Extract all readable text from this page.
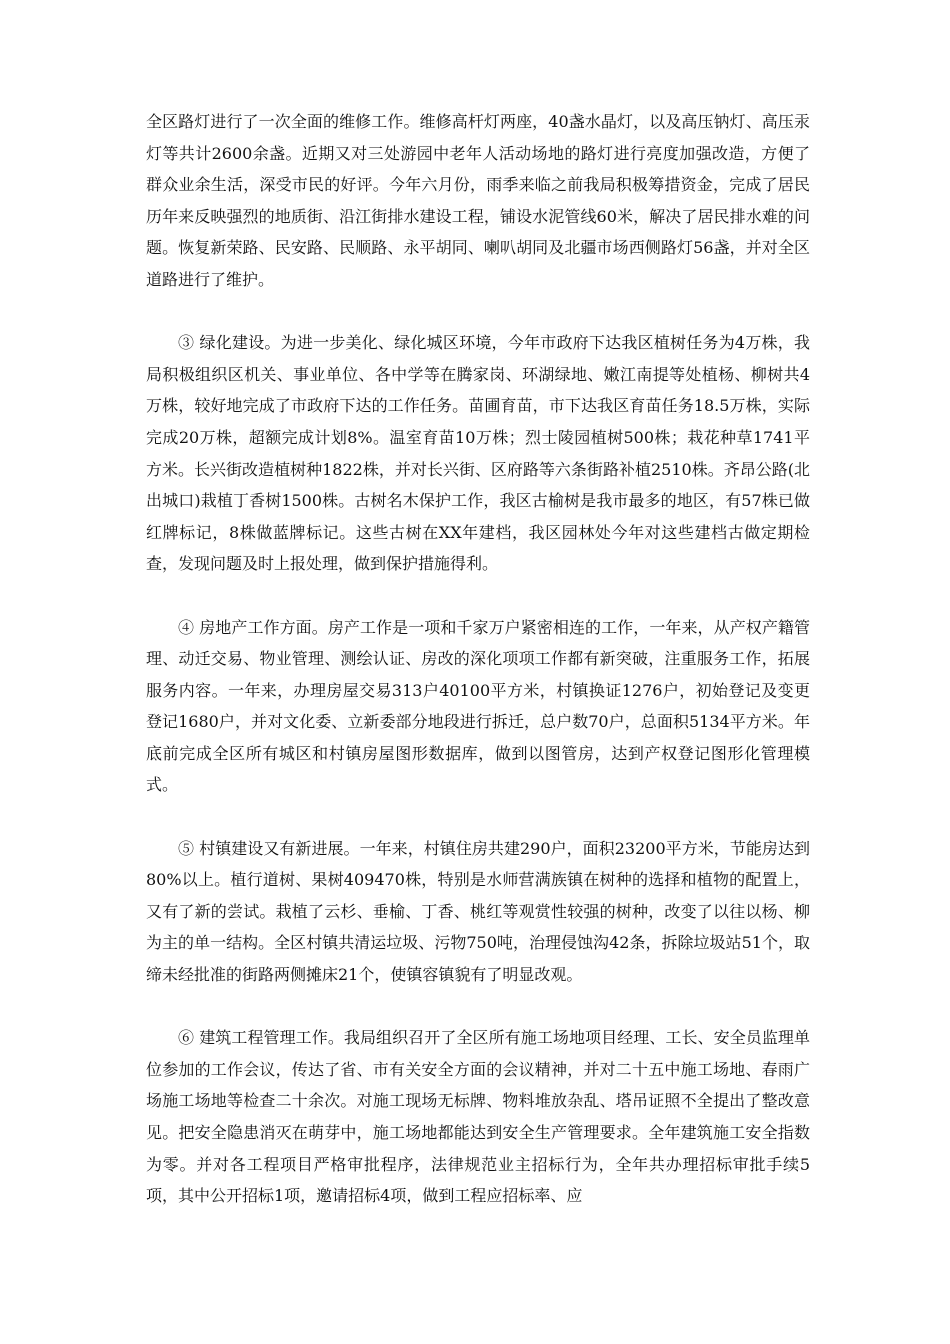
全区路灯进行了一次全面的维修工作。维修高杆灯两座，40盏水晶灯，以及高压钠灯、高压汞灯等共计2600余盏。近期又对三处游园中老年人活动场地的路灯进行亮度加强改造，方便了群众业余生活，深受市民的好评。今年六月份，雨季来临之前我局积极筹措资金，完成了居民历年来反映强烈的地质街、沿江街排水建设工程，铺设水泥管线60米，解决了居民排水难的问题。恢复新荣路、民安路、民顺路、永平胡同、喇叭胡同及北疆市场西侧路灯56盏，并对全区道路进行了维护。

③ 绿化建设。为进一步美化、绿化城区环境，今年市政府下达我区植树任务为4万株，我局积极组织区机关、事业单位、各中学等在腾家岗、环湖绿地、嫩江南提等处植杨、柳树共4万株，较好地完成了市政府下达的工作任务。苗圃育苗，市下达我区育苗任务18.5万株，实际完成20万株，超额完成计划8%。温室育苗10万株；烈士陵园植树500株；栽花种草1741平方米。长兴街改造植树种1822株，并对长兴街、区府路等六条街路补植2510株。齐昂公路(北出城口)栽植丁香树1500株。古树名木保护工作，我区古榆树是我市最多的地区，有57株已做红牌标记，8株做蓝牌标记。这些古树在XX年建档，我区园林处今年对这些建档古做定期检查，发现问题及时上报处理，做到保护措施得利。

④ 房地产工作方面。房产工作是一项和千家万户紧密相连的工作，一年来，从产权产籍管理、动迁交易、物业管理、测绘认证、房改的深化项项工作都有新突破，注重服务工作，拓展服务内容。一年来，办理房屋交易313户40100平方米，村镇换证1276户，初始登记及变更登记1680户，并对文化委、立新委部分地段进行拆迁，总户数70户，总面积5134平方米。年底前完成全区所有城区和村镇房屋图形数据库，做到以图管房，达到产权登记图形化管理模式。

⑤ 村镇建设又有新进展。一年来，村镇住房共建290户，面积23200平方米，节能房达到80%以上。植行道树、果树409470株，特别是水师营满族镇在树种的选择和植物的配置上，又有了新的尝试。栽植了云杉、垂榆、丁香、桃红等观赏性较强的树种，改变了以往以杨、柳为主的单一结构。全区村镇共清运垃圾、污物750吨，治理侵蚀沟42条，拆除垃圾站51个，取缔未经批准的街路两侧摊床21个，使镇容镇貌有了明显改观。

⑥ 建筑工程管理工作。我局组织召开了全区所有施工场地项目经理、工长、安全员监理单位参加的工作会议，传达了省、市有关安全方面的会议精神，并对二十五中施工场地、春雨广场施工场地等检查二十余次。对施工现场无标牌、物料堆放杂乱、塔吊证照不全提出了整改意见。把安全隐患消灭在萌芽中，施工场地都能达到安全生产管理要求。全年建筑施工安全指数为零。并对各工程项目严格审批程序，法律规范业主招标行为，全年共办理招标审批手续5项，其中公开招标1项，邀请招标4项，做到工程应招标率、应
